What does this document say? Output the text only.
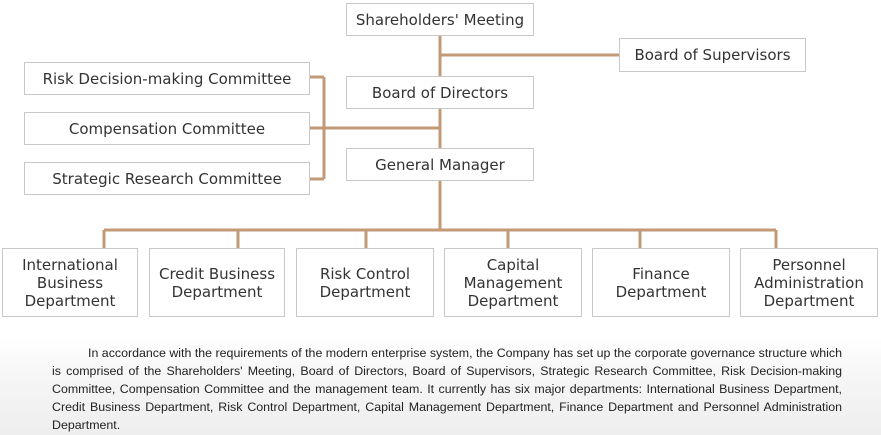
Shareholders' Meeting
Board of Supervisors
Board of Directors
General Manager
Risk Decision-making Committee
Compensation Committee
Strategic Research Committee
International
Business
Department
Credit Business
Department
Risk Control
Department
Capital
Management
Department
Finance
Department
Personnel
Administration
Department

In accordance with the requirements of the modern enterprise system, the Company has set up the corporate governance structure which is comprised of the Shareholders' Meeting, Board of Directors, Board of Supervisors, Strategic Research Committee, Risk Decision-making Committee, Compensation Committee and the management team. It currently has six major departments: International Business Department, Credit Business Department, Risk Control Department, Capital Management Department, Finance Department and Personnel Administration Department.
